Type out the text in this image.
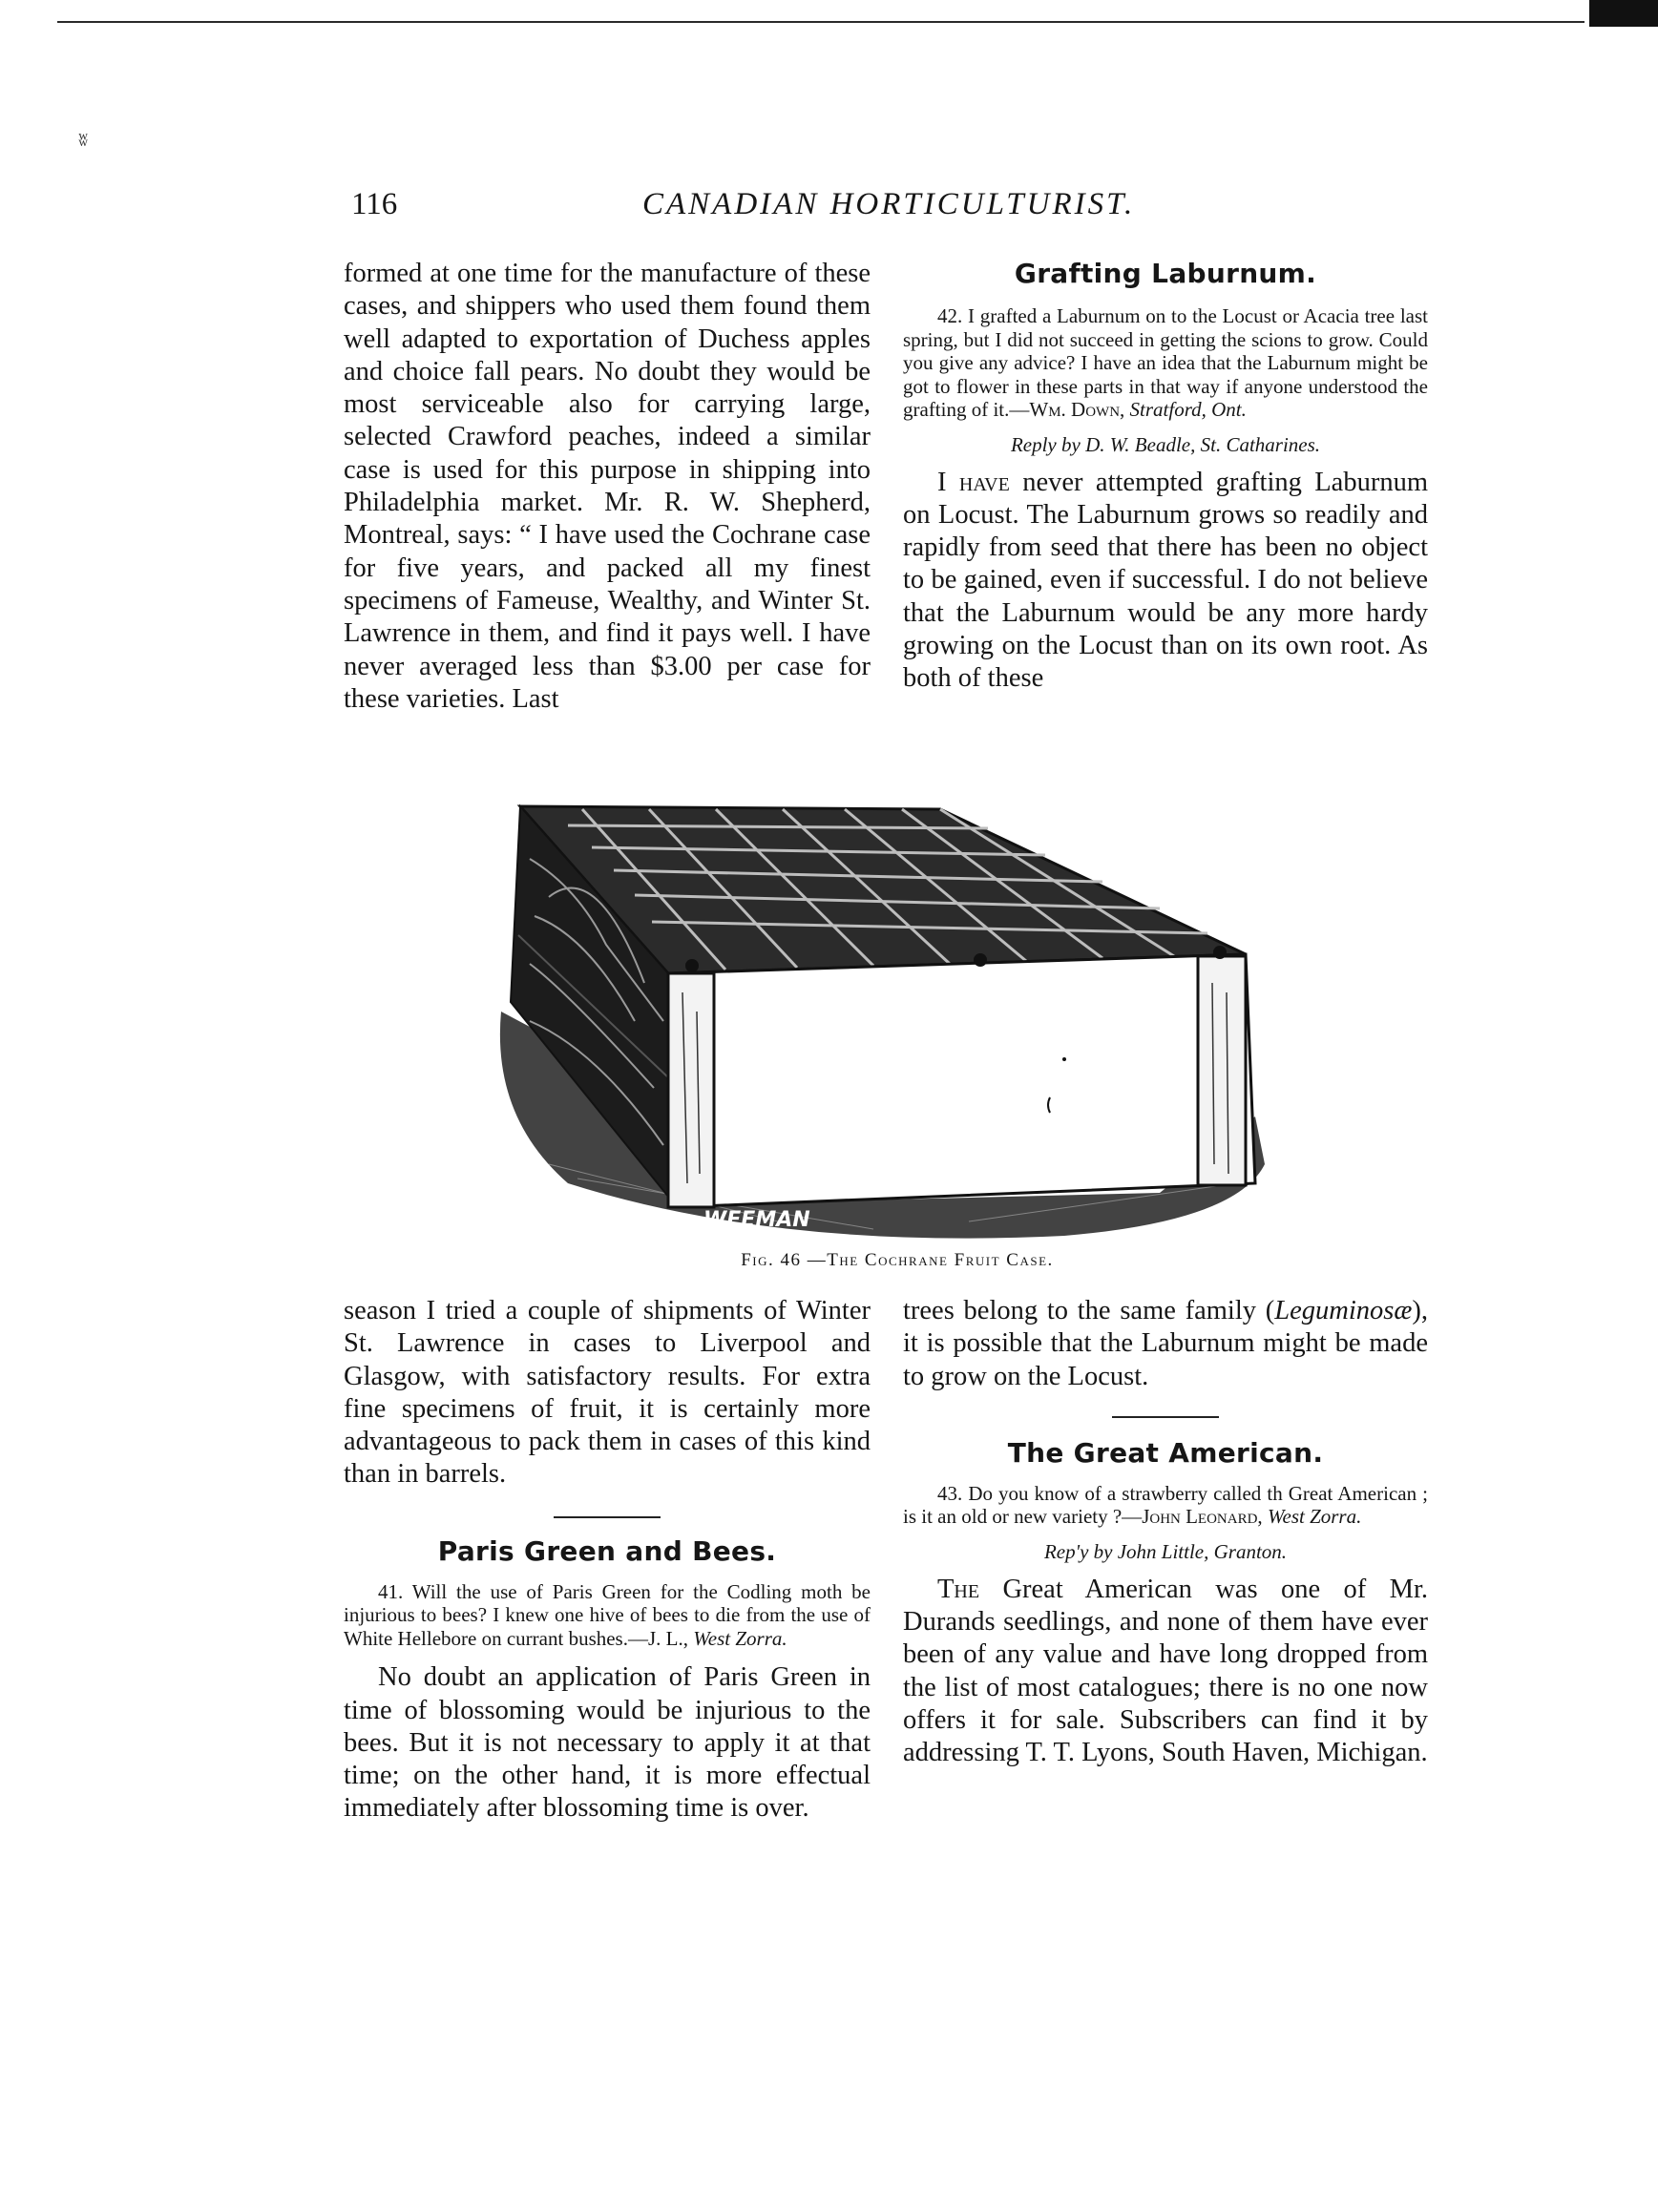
ʬ
116	CANADIAN HORTICULTURIST.

formed at one time for the manufacture of these cases, and shippers who used them found them well adapted to exportation of Duchess apples and choice fall pears. No doubt they would be most serviceable also for carrying large, selected Crawford peaches, indeed a similar case is used for this purpose in shipping into Philadelphia market. Mr. R. W. Shepherd, Montreal, says: “ I have used the Cochrane case for five years, and packed all my finest specimens of Fameuse, Wealthy, and Winter St. Lawrence in them, and find it pays well. I have never averaged less than $3.00 per case for these varieties. Last

Grafting Laburnum.

42. I grafted a Laburnum on to the Locust or Acacia tree last spring, but I did not succeed in getting the scions to grow. Could you give any advice? I have an idea that the Laburnum might be got to flower in these parts in that way if anyone understood the grafting of it.—Wm. Down, Stratford, Ont.

Reply by D. W. Beadle, St. Catharines.

I have never attempted grafting Laburnum on Locust. The Laburnum grows so readily and rapidly from seed that there has been no object to be gained, even if successful. I do not believe that the Laburnum would be any more hardy growing on the Locust than on its own root. As both of these

WEEMAN
Fig. 46 —The Cochrane Fruit Case.

season I tried a couple of shipments of Winter St. Lawrence in cases to Liverpool and Glasgow, with satisfactory results. For extra fine specimens of fruit, it is certainly more advantageous to pack them in cases of this kind than in barrels.

Paris Green and Bees.

41. Will the use of Paris Green for the Codling moth be injurious to bees? I knew one hive of bees to die from the use of White Hellebore on currant bushes.—J. L., West Zorra.

No doubt an application of Paris Green in time of blossoming would be injurious to the bees. But it is not necessary to apply it at that time; on the other hand, it is more effectual immediately after blossoming time is over.

trees belong to the same family (Leguminosæ), it is possible that the Laburnum might be made to grow on the Locust.

The Great American.

43. Do you know of a strawberry called th Great American ; is it an old or new variety ?—John Leonard, West Zorra.

Rep'y by John Little, Granton.

The Great American was one of Mr. Durands seedlings, and none of them have ever been of any value and have long dropped from the list of most catalogues; there is no one now offers it for sale. Subscribers can find it by addressing T. T. Lyons, South Haven, Michigan.
